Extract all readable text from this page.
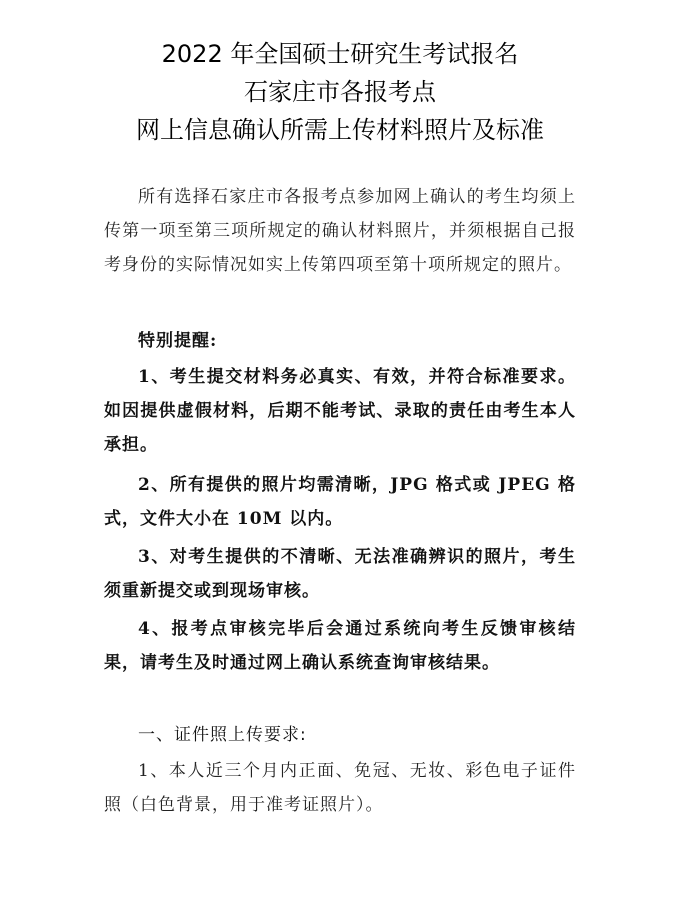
2022 年全国硕士研究生考试报名
石家庄市各报考点
网上信息确认所需上传材料照片及标准

所有选择石家庄市各报考点参加网上确认的考生均须上传第一项至第三项所规定的确认材料照片，并须根据自己报考身份的实际情况如实上传第四项至第十项所规定的照片。

特别提醒:

1、考生提交材料务必真实、有效，并符合标准要求。如因提供虚假材料，后期不能考试、录取的责任由考生本人承担。

2、所有提供的照片均需清晰，JPG 格式或 JPEG 格式，文件大小在 10M 以内。

3、对考生提供的不清晰、无法准确辨识的照片，考生须重新提交或到现场审核。

4、报考点审核完毕后会通过系统向考生反馈审核结果，请考生及时通过网上确认系统查询审核结果。

一、证件照上传要求:

1、本人近三个月内正面、免冠、无妆、彩色电子证件照（白色背景，用于准考证照片）。
